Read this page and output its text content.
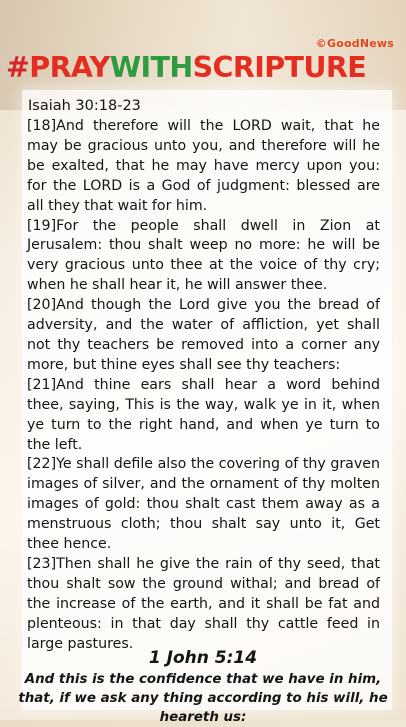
©GoodNews
#PRAYWITHSCRIPTURE
Isaiah 30:18-23

[18]And therefore will the LORD wait, that he may be gracious unto you, and therefore will he be exalted, that he may have mercy upon you: for the LORD is a God of judgment: blessed are all they that wait for him.

[19]For the people shall dwell in Zion at Jerusalem: thou shalt weep no more: he will be very gracious unto thee at the voice of thy cry; when he shall hear it, he will answer thee.

[20]And though the Lord give you the bread of adversity, and the water of affliction, yet shall not thy teachers be removed into a corner any more, but thine eyes shall see thy teachers:

[21]And thine ears shall hear a word behind thee, saying, This is the way, walk ye in it, when ye turn to the right hand, and when ye turn to the left.

[22]Ye shall defile also the covering of thy graven images of silver, and the ornament of thy molten images of gold: thou shalt cast them away as a menstruous cloth; thou shalt say unto it, Get thee hence.

[23]Then shall he give the rain of thy seed, that thou shalt sow the ground withal; and bread of the increase of the earth, and it shall be fat and plenteous: in that day shall thy cattle feed in large pastures.

1 John 5:14
And this is the confidence that we have in him, that, if we ask any thing according to his will, he heareth us:
